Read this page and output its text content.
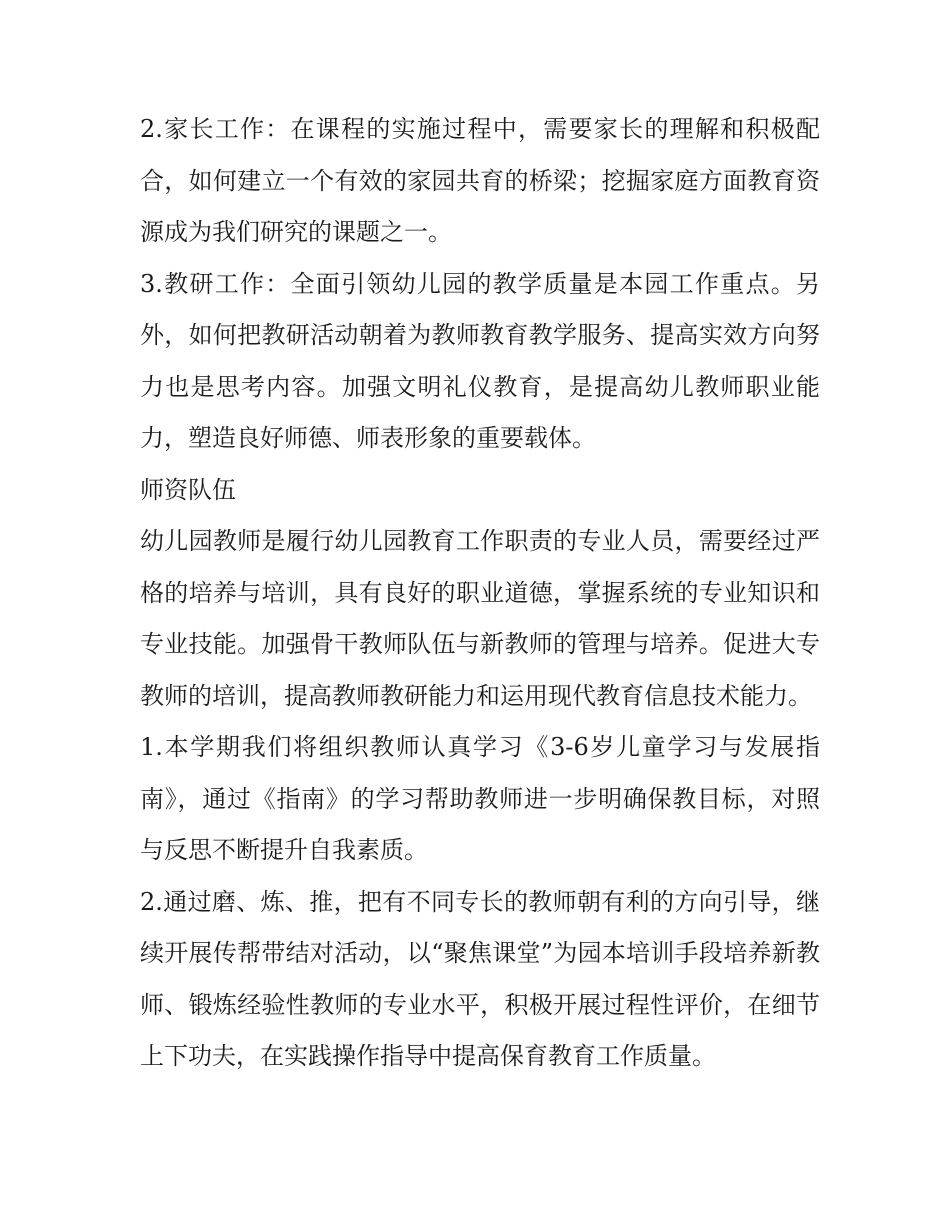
2.家长工作：在课程的实施过程中，需要家长的理解和积极配合，如何建立一个有效的家园共育的桥梁；挖掘家庭方面教育资源成为我们研究的课题之一。

3.教研工作：全面引领幼儿园的教学质量是本园工作重点。另外，如何把教研活动朝着为教师教育教学服务、提高实效方向努力也是思考内容。加强文明礼仪教育，是提高幼儿教师职业能力，塑造良好师德、师表形象的重要载体。

师资队伍

幼儿园教师是履行幼儿园教育工作职责的专业人员，需要经过严格的培养与培训，具有良好的职业道德，掌握系统的专业知识和专业技能。加强骨干教师队伍与新教师的管理与培养。促进大专教师的培训，提高教师教研能力和运用现代教育信息技术能力。

1.本学期我们将组织教师认真学习《3-6岁儿童学习与发展指南》，通过《指南》的学习帮助教师进一步明确保教目标，对照与反思不断提升自我素质。

2.通过磨、炼、推，把有不同专长的教师朝有利的方向引导，继续开展传帮带结对活动，以“聚焦课堂”为园本培训手段培养新教师、锻炼经验性教师的专业水平，积极开展过程性评价，在细节上下功夫，在实践操作指导中提高保育教育工作质量。
